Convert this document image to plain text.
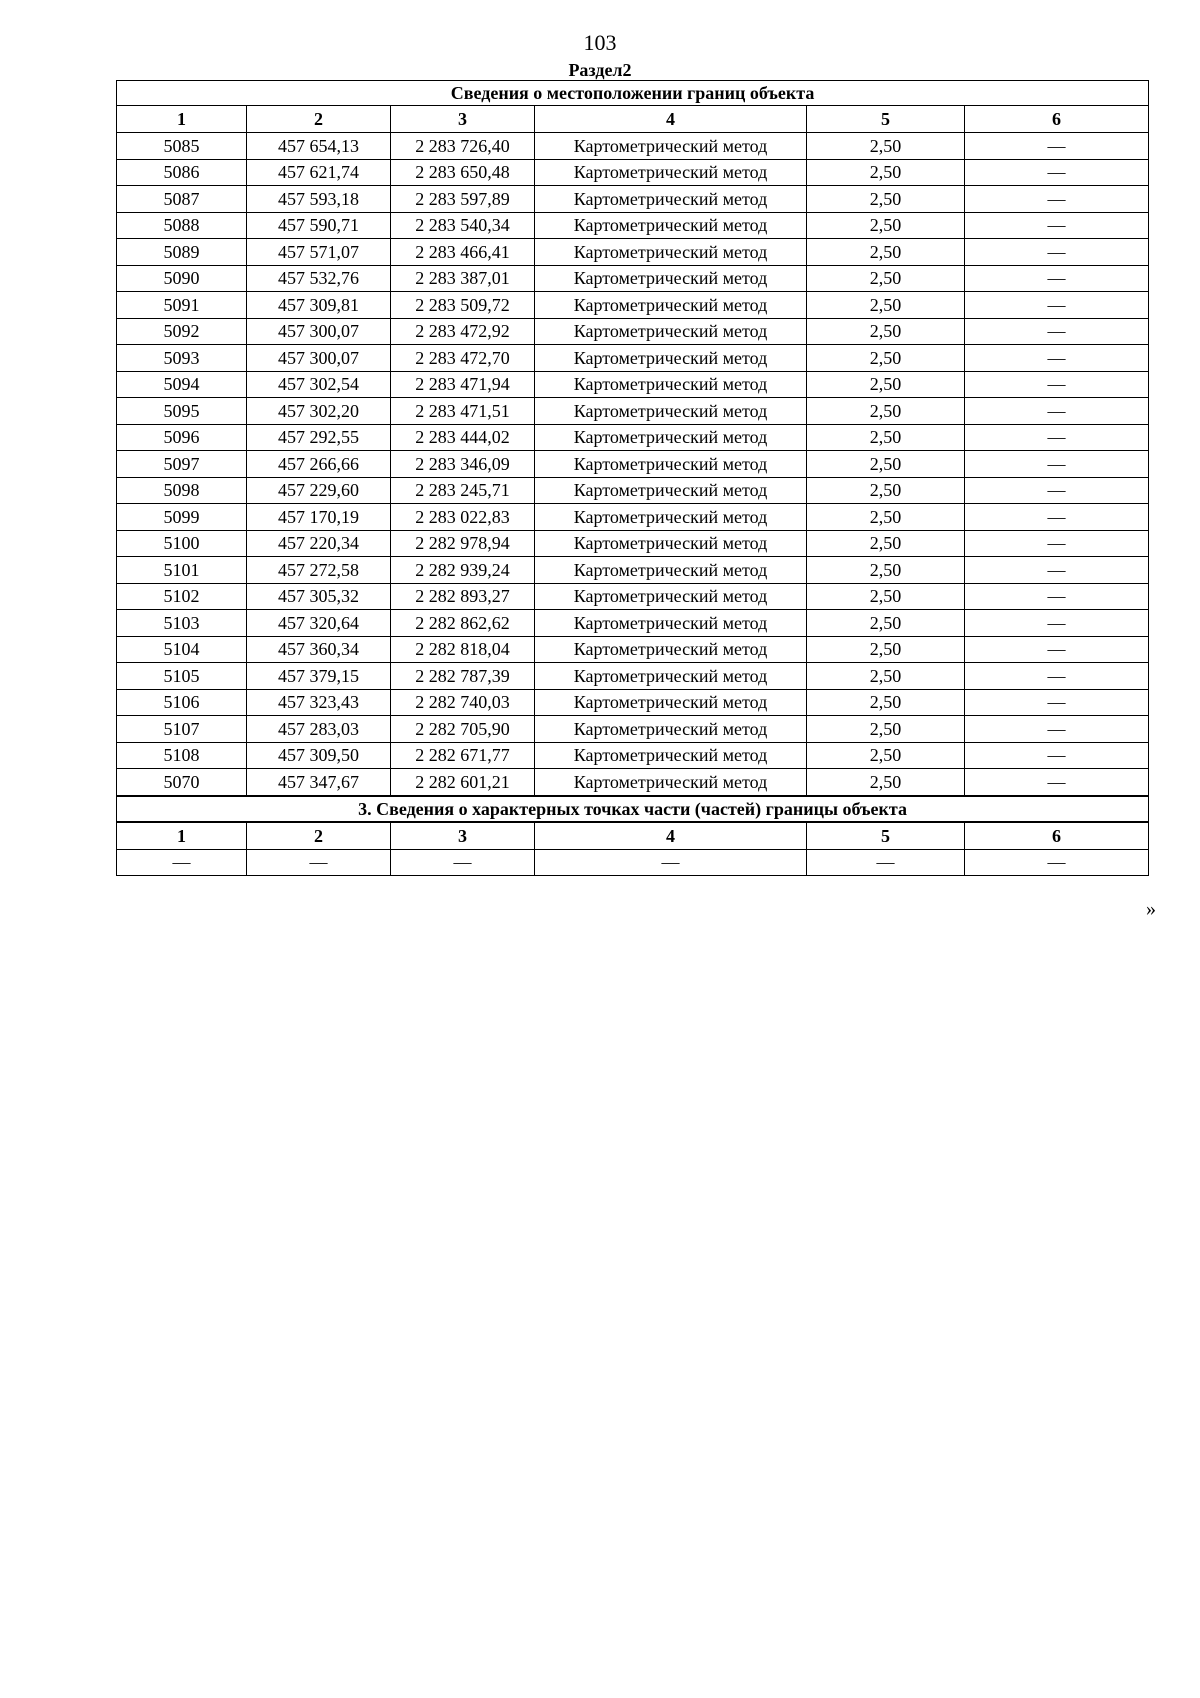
103
Раздел2
Сведения о местоположении границ объекта					
1	2	3	4	5	6
5085	457 654,13	2 283 726,40	Картометрический метод	2,50	—
5086	457 621,74	2 283 650,48	Картометрический метод	2,50	—
5087	457 593,18	2 283 597,89	Картометрический метод	2,50	—
5088	457 590,71	2 283 540,34	Картометрический метод	2,50	—
5089	457 571,07	2 283 466,41	Картометрический метод	2,50	—
5090	457 532,76	2 283 387,01	Картометрический метод	2,50	—
5091	457 309,81	2 283 509,72	Картометрический метод	2,50	—
5092	457 300,07	2 283 472,92	Картометрический метод	2,50	—
5093	457 300,07	2 283 472,70	Картометрический метод	2,50	—
5094	457 302,54	2 283 471,94	Картометрический метод	2,50	—
5095	457 302,20	2 283 471,51	Картометрический метод	2,50	—
5096	457 292,55	2 283 444,02	Картометрический метод	2,50	—
5097	457 266,66	2 283 346,09	Картометрический метод	2,50	—
5098	457 229,60	2 283 245,71	Картометрический метод	2,50	—
5099	457 170,19	2 283 022,83	Картометрический метод	2,50	—
5100	457 220,34	2 282 978,94	Картометрический метод	2,50	—
5101	457 272,58	2 282 939,24	Картометрический метод	2,50	—
5102	457 305,32	2 282 893,27	Картометрический метод	2,50	—
5103	457 320,64	2 282 862,62	Картометрический метод	2,50	—
5104	457 360,34	2 282 818,04	Картометрический метод	2,50	—
5105	457 379,15	2 282 787,39	Картометрический метод	2,50	—
5106	457 323,43	2 282 740,03	Картометрический метод	2,50	—
5107	457 283,03	2 282 705,90	Картометрический метод	2,50	—
5108	457 309,50	2 282 671,77	Картометрический метод	2,50	—
5070	457 347,67	2 282 601,21	Картометрический метод	2,50	—
3. Сведения о характерных точках части (частей) границы объекта					
1	2	3	4	5	6
—	—	—	—	—	—
»
